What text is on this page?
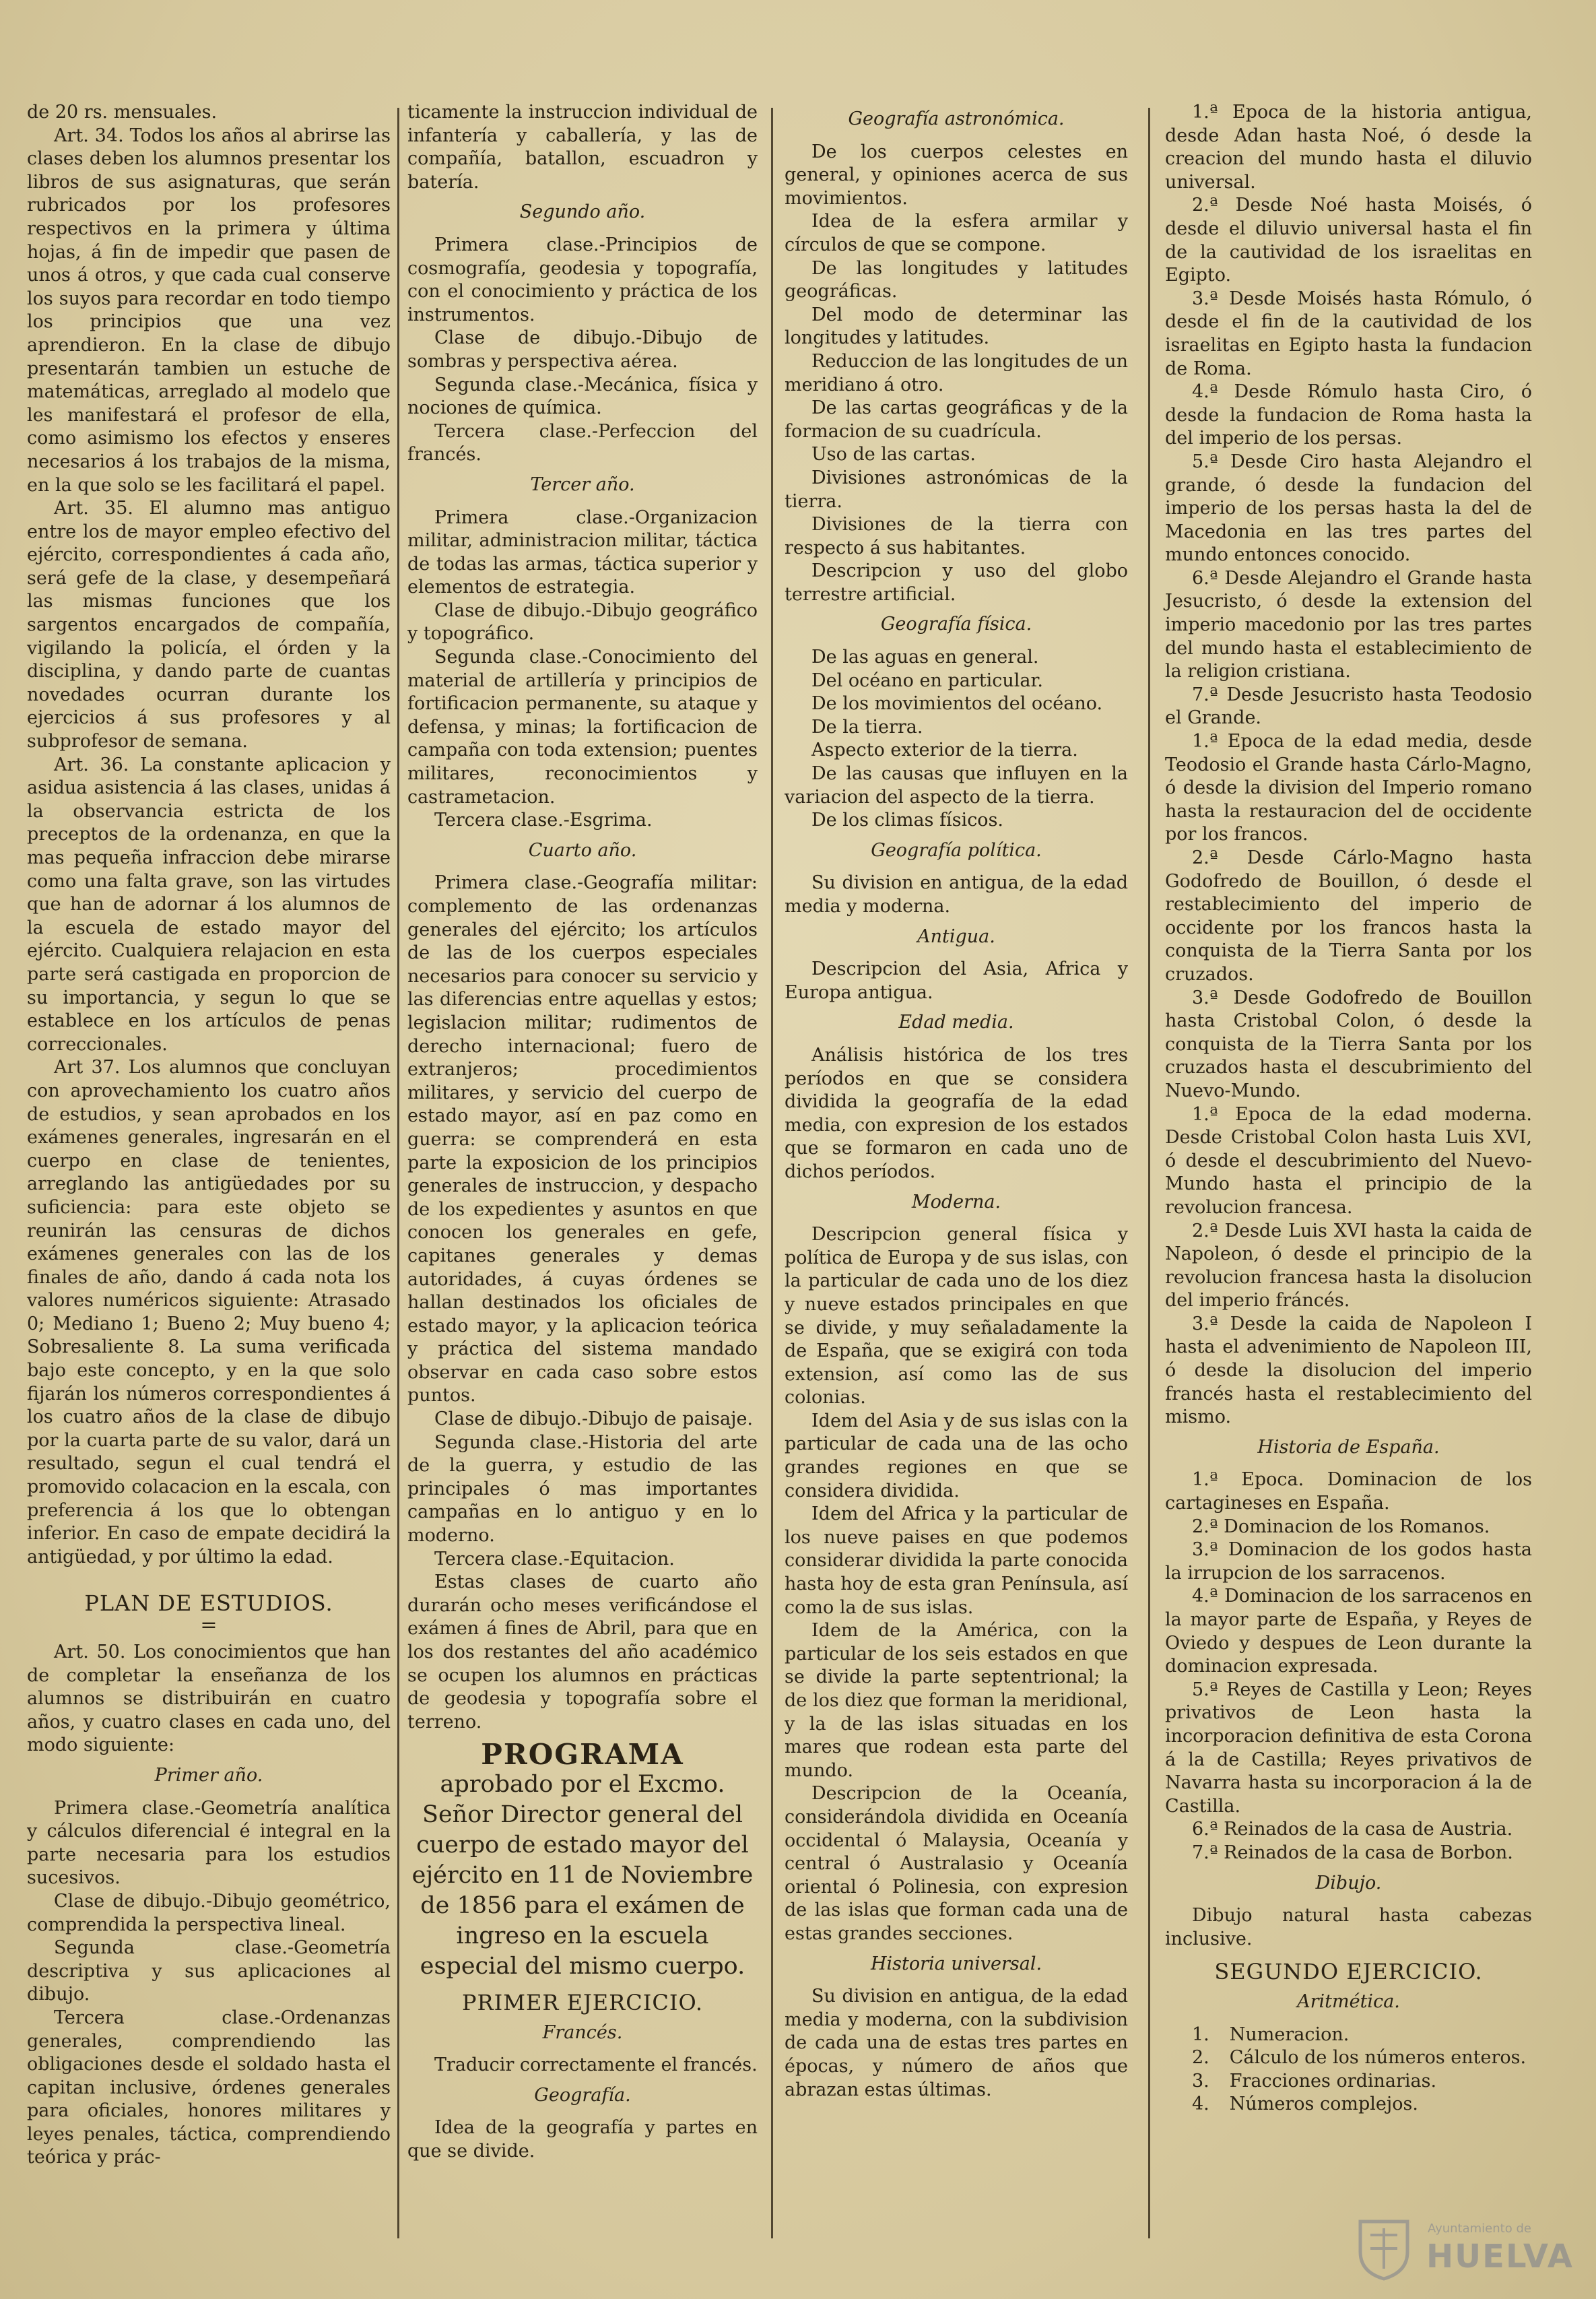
de 20 rs. mensuales.

Art. 34. Todos los años al abrirse las clases deben los alumnos presentar los libros de sus asignaturas, que serán rubricados por los profesores respectivos en la primera y última hojas, á fin de impedir que pasen de unos á otros, y que cada cual conserve los suyos para recordar en todo tiempo los principios que una vez aprendieron. En la clase de dibujo presentarán tambien un estuche de matemáticas, arreglado al modelo que les manifestará el profesor de ella, como asimismo los efectos y enseres necesarios á los trabajos de la misma, en la que solo se les facilitará el papel.

Art. 35. El alumno mas antiguo entre los de mayor empleo efectivo del ejército, correspondientes á cada año, será gefe de la clase, y desempeñará las mismas funciones que los sargentos encargados de compañía, vigilando la policía, el órden y la disciplina, y dando parte de cuantas novedades ocurran durante los ejercicios á sus profesores y al subprofesor de semana.

Art. 36. La constante aplicacion y asidua asistencia á las clases, unidas á la observancia estricta de los preceptos de la ordenanza, en que la mas pequeña infraccion debe mirarse como una falta grave, son las virtudes que han de adornar á los alumnos de la escuela de estado mayor del ejército. Cualquiera relajacion en esta parte será castigada en proporcion de su importancia, y segun lo que se establece en los artículos de penas correccionales.

Art 37. Los alumnos que concluyan con aprovechamiento los cuatro años de estudios, y sean aprobados en los exámenes generales, ingresarán en el cuerpo en clase de tenientes, arreglando las antigüedades por su suficiencia: para este objeto se reunirán las censuras de dichos exámenes generales con las de los finales de año, dando á cada nota los valores numéricos siguiente: Atrasado 0; Mediano 1; Bueno 2; Muy bueno 4; Sobresaliente 8. La suma verificada bajo este concepto, y en la que solo fijarán los números correspondientes á los cuatro años de la clase de dibujo por la cuarta parte de su valor, dará un resultado, segun el cual tendrá el promovido colacacion en la escala, con preferencia á los que lo obtengan inferior. En caso de empate decidirá la antigüedad, y por último la edad.

PLAN DE ESTUDIOS.

=

Art. 50. Los conocimientos que han de completar la enseñanza de los alumnos se distribuirán en cuatro años, y cuatro clases en cada uno, del modo siguiente:

Primer año.

Primera clase.-Geometría analítica y cálculos diferencial é integral en la parte necesaria para los estudios sucesivos.

Clase de dibujo.-Dibujo geométrico, comprendida la perspectiva lineal.

Segunda clase.-Geometría descriptiva y sus aplicaciones al dibujo.

Tercera clase.-Ordenanzas generales, comprendiendo las obligaciones desde el soldado hasta el capitan inclusive, órdenes generales para oficiales, honores militares y leyes penales, táctica, comprendiendo teórica y prác-

ticamente la instruccion individual de infantería y caballería, y las de compañía, batallon, escuadron y batería.

Segundo año.

Primera clase.-Principios de cosmografía, geodesia y topografía, con el conocimiento y práctica de los instrumentos.

Clase de dibujo.-Dibujo de sombras y perspectiva aérea.

Segunda clase.-Mecánica, física y nociones de química.

Tercera clase.-Perfeccion del francés.

Tercer año.

Primera clase.-Organizacion militar, administracion militar, táctica de todas las armas, táctica superior y elementos de estrategia.

Clase de dibujo.-Dibujo geográfico y topográfico.

Segunda clase.-Conocimiento del material de artillería y principios de fortificacion permanente, su ataque y defensa, y minas; la fortificacion de campaña con toda extension; puentes militares, reconocimientos y castrametacion.

Tercera clase.-Esgrima.

Cuarto año.

Primera clase.-Geografía militar: complemento de las ordenanzas generales del ejército; los artículos de las de los cuerpos especiales necesarios para conocer su servicio y las diferencias entre aquellas y estos; legislacion militar; rudimentos de derecho internacional; fuero de extranjeros; procedimientos militares, y servicio del cuerpo de estado mayor, así en paz como en guerra: se comprenderá en esta parte la exposicion de los principios generales de instruccion, y despacho de los expedientes y asuntos en que conocen los generales en gefe, capitanes generales y demas autoridades, á cuyas órdenes se hallan destinados los oficiales de estado mayor, y la aplicacion teórica y práctica del sistema mandado observar en cada caso sobre estos puntos.

Clase de dibujo.-Dibujo de paisaje.

Segunda clase.-Historia del arte de la guerra, y estudio de las principales ó mas importantes campañas en lo antiguo y en lo moderno.

Tercera clase.-Equitacion.

Estas clases de cuarto año durarán ocho meses verificándose el exámen á fines de Abril, para que en los dos restantes del año académico se ocupen los alumnos en prácticas de geodesia y topografía sobre el terreno.

PROGRAMA

aprobado por el Excmo. Señor Director general del cuerpo de estado mayor del ejército en 11 de Noviembre de 1856 para el exámen de ingreso en la escuela especial del mismo cuerpo.

PRIMER EJERCICIO.

Francés.

Traducir correctamente el francés.

Geografía.

Idea de la geografía y partes en que se divide.

Geografía astronómica.

De los cuerpos celestes en general, y opiniones acerca de sus movimientos.

Idea de la esfera armilar y círculos de que se compone.

De las longitudes y latitudes geográficas.

Del modo de determinar las longitudes y latitudes.

Reduccion de las longitudes de un meridiano á otro.

De las cartas geográficas y de la formacion de su cuadrícula.

Uso de las cartas.

Divisiones astronómicas de la tierra.

Divisiones de la tierra con respecto á sus habitantes.

Descripcion y uso del globo terrestre artificial.

Geografía física.

De las aguas en general.

Del océano en particular.

De los movimientos del océano.

De la tierra.

Aspecto exterior de la tierra.

De las causas que influyen en la variacion del aspecto de la tierra.

De los climas físicos.

Geografía política.

Su division en antigua, de la edad media y moderna.

Antigua.

Descripcion del Asia, Africa y Europa antigua.

Edad media.

Análisis histórica de los tres períodos en que se considera dividida la geografía de la edad media, con expresion de los estados que se formaron en cada uno de dichos períodos.

Moderna.

Descripcion general física y política de Europa y de sus islas, con la particular de cada uno de los diez y nueve estados principales en que se divide, y muy señaladamente la de España, que se exigirá con toda extension, así como las de sus colonias.

Idem del Asia y de sus islas con la particular de cada una de las ocho grandes regiones en que se considera dividida.

Idem del Africa y la particular de los nueve paises en que podemos considerar dividida la parte conocida hasta hoy de esta gran Península, así como la de sus islas.

Idem de la América, con la particular de los seis estados en que se divide la parte septentrional; la de los diez que forman la meridional, y la de las islas situadas en los mares que rodean esta parte del mundo.

Descripcion de la Oceanía, considerándola dividida en Oceanía occidental ó Malaysia, Oceanía y central ó Australasio y Oceanía oriental ó Polinesia, con expresion de las islas que forman cada una de estas grandes secciones.

Historia universal.

Su division en antigua, de la edad media y moderna, con la subdivision de cada una de estas tres partes en épocas, y número de años que abrazan estas últimas.

1.ª Epoca de la historia antigua, desde Adan hasta Noé, ó desde la creacion del mundo hasta el diluvio universal.

2.ª Desde Noé hasta Moisés, ó desde el diluvio universal hasta el fin de la cautividad de los israelitas en Egipto.

3.ª Desde Moisés hasta Rómulo, ó desde el fin de la cautividad de los israelitas en Egipto hasta la fundacion de Roma.

4.ª Desde Rómulo hasta Ciro, ó desde la fundacion de Roma hasta la del imperio de los persas.

5.ª Desde Ciro hasta Alejandro el grande, ó desde la fundacion del imperio de los persas hasta la del de Macedonia en las tres partes del mundo entonces conocido.

6.ª Desde Alejandro el Grande hasta Jesucristo, ó desde la extension del imperio macedonio por las tres partes del mundo hasta el establecimiento de la religion cristiana.

7.ª Desde Jesucristo hasta Teodosio el Grande.

1.ª Epoca de la edad media, desde Teodosio el Grande hasta Cárlo-Magno, ó desde la division del Imperio romano hasta la restauracion del de occidente por los francos.

2.ª Desde Cárlo-Magno hasta Godofredo de Bouillon, ó desde el restablecimiento del imperio de occidente por los francos hasta la conquista de la Tierra Santa por los cruzados.

3.ª Desde Godofredo de Bouillon hasta Cristobal Colon, ó desde la conquista de la Tierra Santa por los cruzados hasta el descubrimiento del Nuevo-Mundo.

1.ª Epoca de la edad moderna. Desde Cristobal Colon hasta Luis XVI, ó desde el descubrimiento del Nuevo-Mundo hasta el principio de la revolucion francesa.

2.ª Desde Luis XVI hasta la caida de Napoleon, ó desde el principio de la revolucion francesa hasta la disolucion del imperio fráncés.

3.ª Desde la caida de Napoleon I hasta el advenimiento de Napoleon III, ó desde la disolucion del imperio francés hasta el restablecimiento del mismo.

Historia de España.

1.ª Epoca. Dominacion de los cartagineses en España.

2.ª Dominacion de los Romanos.

3.ª Dominacion de los godos hasta la irrupcion de los sarracenos.

4.ª Dominacion de los sarracenos en la mayor parte de España, y Reyes de Oviedo y despues de Leon durante la dominacion expresada.

5.ª Reyes de Castilla y Leon; Reyes privativos de Leon hasta la incorporacion definitiva de esta Corona á la de Castilla; Reyes privativos de Navarra hasta su incorporacion á la de Castilla.

6.ª Reinados de la casa de Austria.

7.ª Reinados de la casa de Borbon.

Dibujo.

Dibujo natural hasta cabezas inclusive.

SEGUNDO EJERCICIO.

Aritmética.

1. Numeracion.
2. Cálculo de los números enteros.
3. Fracciones ordinarias.
4. Números complejos.
Ayuntamiento de
HUELVA
